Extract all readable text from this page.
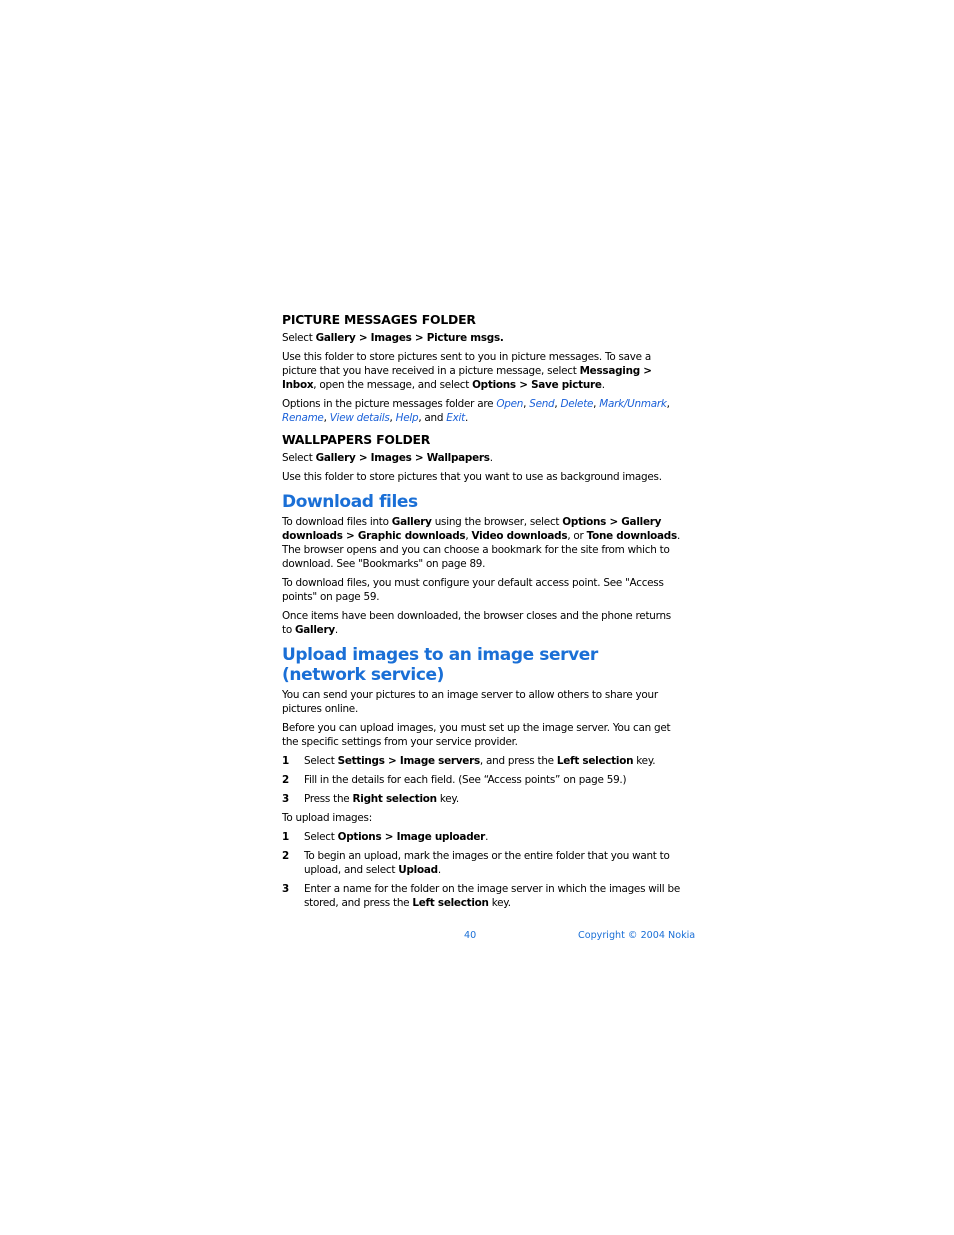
PICTURE MESSAGES FOLDER

Select Gallery > Images > Picture msgs.

Use this folder to store pictures sent to you in picture messages. To save a picture that you have received in a picture message, select Messaging > Inbox, open the message, and select Options > Save picture.

Options in the picture messages folder are Open, Send, Delete, Mark/Unmark, Rename, View details, Help, and Exit.

WALLPAPERS FOLDER

Select Gallery > Images > Wallpapers.

Use this folder to store pictures that you want to use as background images.

Download files

To download files into Gallery using the browser, select Options > Gallery downloads > Graphic downloads, Video downloads, or Tone downloads. The browser opens and you can choose a bookmark for the site from which to download. See "Bookmarks" on page 89.

To download files, you must configure your default access point. See "Access points" on page 59.

Once items have been downloaded, the browser closes and the phone returns to Gallery.

Upload images to an image server (network service)

You can send your pictures to an image server to allow others to share your pictures online.

Before you can upload images, you must set up the image server. You can get the specific settings from your service provider.

1 Select Settings > Image servers, and press the Left selection key.
2 Fill in the details for each field. (See “Access points” on page 59.)
3 Press the Right selection key.

To upload images:

1 Select Options > Image uploader.
2 To begin an upload, mark the images or the entire folder that you want to upload, and select Upload.
3 Enter a name for the folder on the image server in which the images will be stored, and press the Left selection key.
40	Copyright © 2004 Nokia
